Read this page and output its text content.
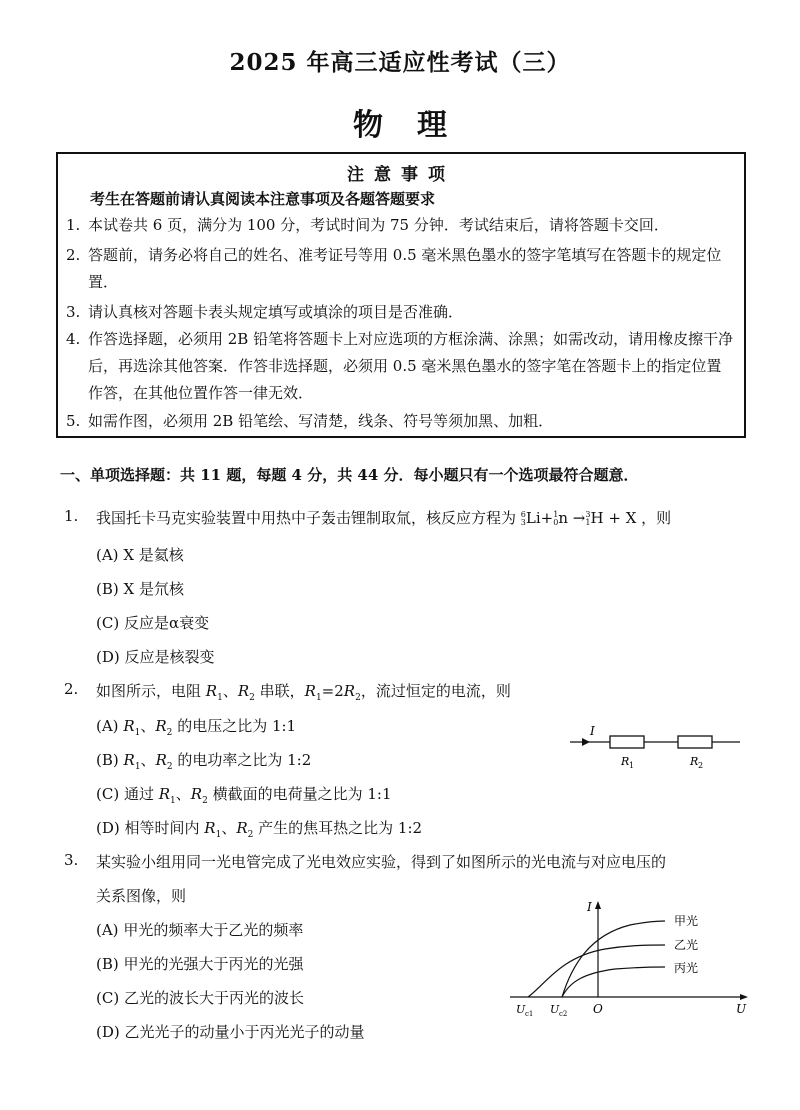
2025 年高三适应性考试（三）
物理
注意事项
考生在答题前请认真阅读本注意事项及各题答题要求
1. 本试卷共 6 页，满分为 100 分，考试时间为 75 分钟．考试结束后，请将答题卡交回．
2. 答题前，请务必将自己的姓名、准考证号等用 0.5 毫米黑色墨水的签字笔填写在答题卡的规定位置．
3. 请认真核对答题卡表头规定填写或填涂的项目是否准确．
4. 作答选择题，必须用 2B 铅笔将答题卡上对应选项的方框涂满、涂黑；如需改动，请用橡皮擦干净后，再选涂其他答案．作答非选择题，必须用 0.5 毫米黑色墨水的签字笔在答题卡上的指定位置作答，在其他位置作答一律无效．
5. 如需作图，必须用 2B 铅笔绘、写清楚，线条、符号等须加黑、加粗．
一、单项选择题：共 11 题，每题 4 分，共 44 分．每小题只有一个选项最符合题意．
1. 我国托卡马克实验装置中用热中子轰击锂制取氚，核反应方程为 6
3 Li+ 1
0 n → 3
1 H + X ，则
(A) X 是氦核
(B) X 是氘核
(C) 反应是α衰变
(D) 反应是核裂变
2. 如图所示，电阻 $R_1$、$R_2$ 串联，$R_1=2R_2$，流过恒定的电流，则
(A) $R_1$、$R_2$ 的电压之比为 1:1
(B) $R_1$、$R_2$ 的电功率之比为 1:2
(C) 通过 $R_1$、$R_2$ 横截面的电荷量之比为 1:1
(D) 相等时间内 $R_1$、$R_2$ 产生的焦耳热之比为 1:2
I
R 1	R 2
3. 某实验小组用同一光电管完成了光电效应实验，得到了如图所示的光电流与对应电压的
关系图像，则
(A) 甲光的频率大于乙光的频率
(B) 甲光的光强大于丙光的光强
(C) 乙光的波长大于丙光的波长
(D) 乙光光子的动量小于丙光光子的动量
I
U
O
U c1 U c2
甲光
乙光
丙光
